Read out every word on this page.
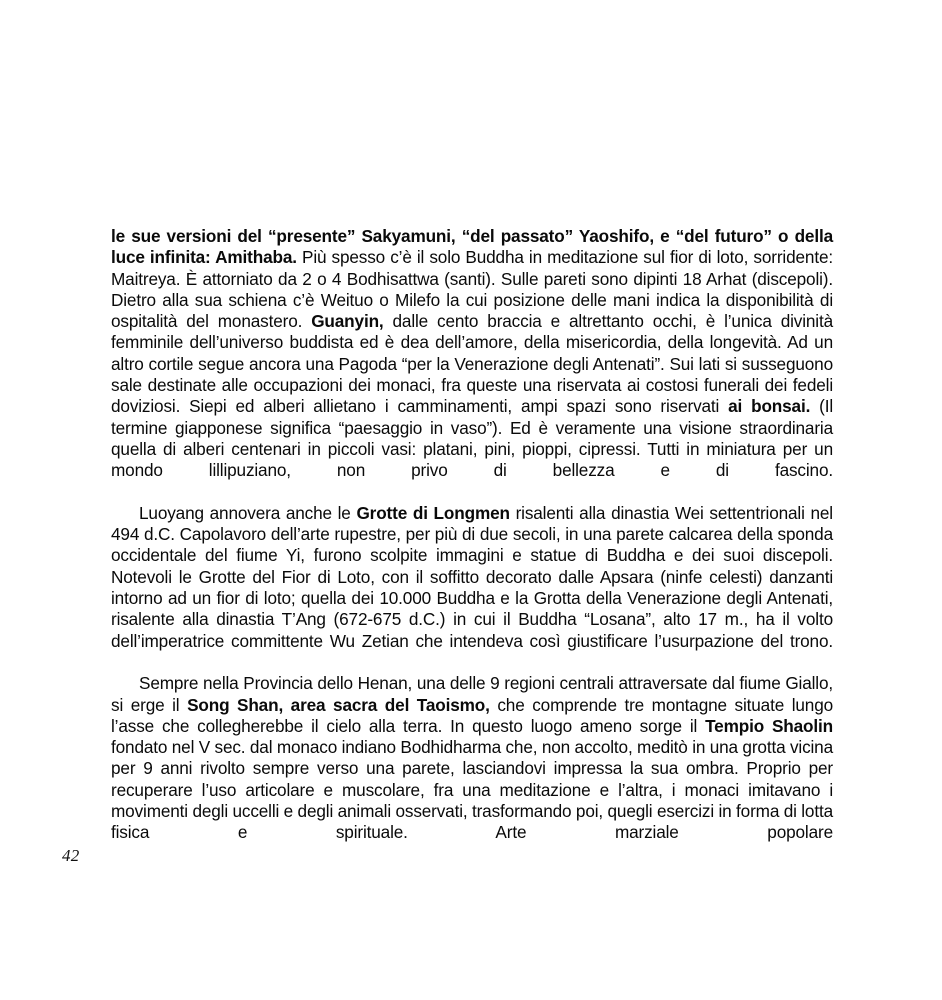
le sue versioni del “presente” Sakyamuni, “del passato” Yaoshifo, e “del futuro” o della luce infinita: Amithaba. Più spesso c’è il solo Buddha in meditazione sul fior di loto, sorridente: Maitreya. È attorniato da 2 o 4 Bodhisattwa (santi). Sulle pareti sono dipinti 18 Arhat (discepoli). Dietro alla sua schiena c’è Weituo o Milefo la cui posizione delle mani indica la disponibilità di ospitalità del monastero. Guanyin, dalle cento braccia e altrettanto occhi, è l’unica divinità femminile dell’universo buddista ed è dea dell’amore, della misericordia, della longevità. Ad un altro cortile segue ancora una Pagoda “per la Venerazione degli Antenati”. Sui lati si susseguono sale destinate alle occupazioni dei monaci, fra queste una riservata ai costosi funerali dei fedeli doviziosi. Siepi ed alberi allietano i camminamenti, ampi spazi sono riservati ai bonsai. (Il termine giapponese significa “paesaggio in vaso”). Ed è veramente una visione straordinaria quella di alberi centenari in piccoli vasi: platani, pini, pioppi, cipressi. Tutti in miniatura per un mondo lillipuziano, non privo di bellezza e di fascino.

Luoyang annovera anche le Grotte di Longmen risalenti alla dinastia Wei settentrionali nel 494 d.C. Capolavoro dell’arte rupestre, per più di due secoli, in una parete calcarea della sponda occidentale del fiume Yi, furono scolpite immagini e statue di Buddha e dei suoi discepoli. Notevoli le Grotte del Fior di Loto, con il soffitto decorato dalle Apsara (ninfe celesti) danzanti intorno ad un fior di loto; quella dei 10.000 Buddha e la Grotta della Venerazione degli Antenati, risalente alla dinastia T’Ang (672-675 d.C.) in cui il Buddha “Losana”, alto 17 m., ha il volto dell’imperatrice committente Wu Zetian che intendeva così giustificare l’usurpazione del trono.

Sempre nella Provincia dello Henan, una delle 9 regioni centrali attraversate dal fiume Giallo, si erge il Song Shan, area sacra del Taoismo, che comprende tre montagne situate lungo l’asse che collegherebbe il cielo alla terra. In questo luogo ameno sorge il Tempio Shaolin fondato nel V sec. dal monaco indiano Bodhidharma che, non accolto, meditò in una grotta vicina per 9 anni rivolto sempre verso una parete, lasciandovi impressa la sua ombra. Proprio per recuperare l’uso articolare e muscolare, fra una meditazione e l’altra, i monaci imitavano i movimenti degli uccelli e degli animali osservati, trasformando poi, quegli esercizi in forma di lotta fisica e spirituale. Arte marziale popolare

42
